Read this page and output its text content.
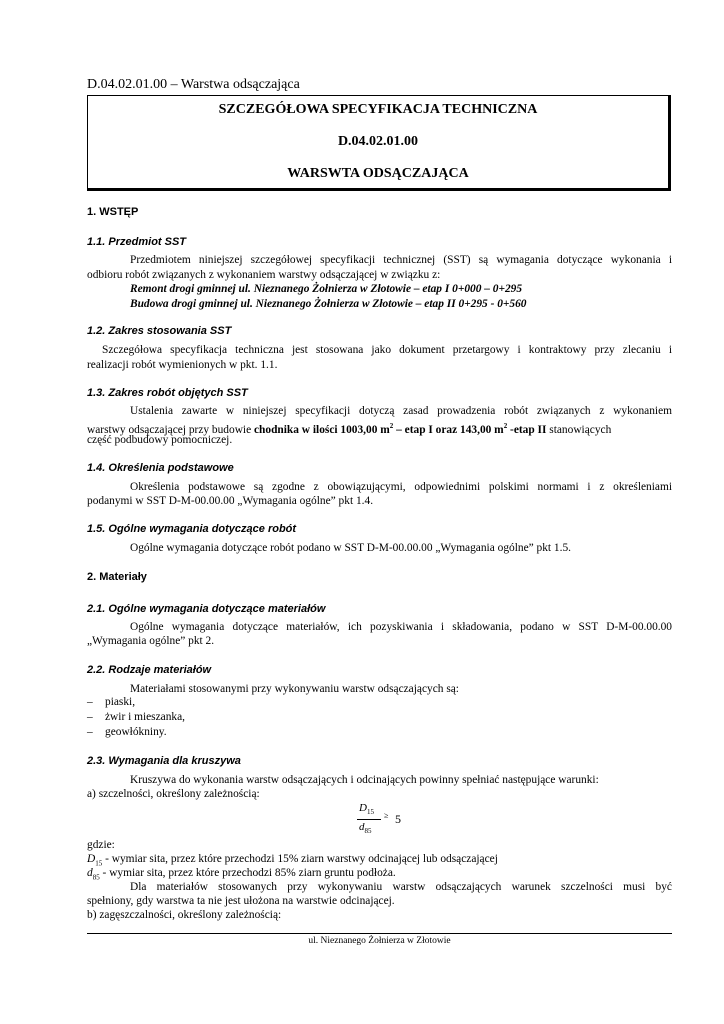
D.04.02.01.00 – Warstwa odsączająca
SZCZEGÓŁOWA SPECYFIKACJA TECHNICZNA
D.04.02.01.00
WARSWTA ODSĄCZAJĄCA
1. WSTĘP
1.1. Przedmiot SST
Przedmiotem niniejszej szczegółowej specyfikacji technicznej (SST) są wymagania dotyczące wykonania i
odbioru robót związanych z wykonaniem warstwy odsączającej w związku z:
Remont drogi gminnej ul. Nieznanego Żołnierza w Złotowie – etap I 0+000 – 0+295
Budowa drogi gminnej ul. Nieznanego Żołnierza w Złotowie – etap II 0+295 - 0+560
1.2. Zakres stosowania SST
Szczegółowa specyfikacja techniczna jest stosowana jako dokument przetargowy i kontraktowy przy zlecaniu i
realizacji robót wymienionych w pkt. 1.1.
1.3. Zakres robót objętych SST
Ustalenia zawarte w niniejszej specyfikacji dotyczą zasad prowadzenia robót związanych z wykonaniem
warstwy odsączającej przy budowie chodnika w ilości 1003,00 $m^2$ – etap I oraz 143,00 $m^2$ -etap II stanowiących
część podbudowy pomocniczej.
1.4. Określenia podstawowe
Określenia podstawowe są zgodne z obowiązującymi, odpowiednimi polskimi normami i z określeniami
podanymi w SST D-M-00.00.00 „Wymagania ogólne” pkt 1.4.
1.5. Ogólne wymagania dotyczące robót
Ogólne wymagania dotyczące robót podano w SST D-M-00.00.00 „Wymagania ogólne” pkt 1.5.
2. Materiały
2.1. Ogólne wymagania dotyczące materiałów
Ogólne wymagania dotyczące materiałów, ich pozyskiwania i składowania, podano w SST D-M-00.00.00
„Wymagania ogólne” pkt 2.
2.2. Rodzaje materiałów
Materiałami stosowanymi przy wykonywaniu warstw odsączających są:
– piaski,
– żwir i mieszanka,
– geowłókniny.
2.3. Wymagania dla kruszywa
Kruszywa do wykonania warstw odsączających i odcinających powinny spełniać następujące warunki:
a) szczelności, określony zależnością:
$D_{15}$
$d_{85}$
≥ 5
gdzie:
$D_{15}$ - wymiar sita, przez które przechodzi 15% ziarn warstwy odcinającej lub odsączającej
$d_{85}$ - wymiar sita, przez które przechodzi 85% ziarn gruntu podłoża.
Dla materiałów stosowanych przy wykonywaniu warstw odsączających warunek szczelności musi być
spełniony, gdy warstwa ta nie jest ułożona na warstwie odcinającej.
b) zagęszczalności, określony zależnością:
ul. Nieznanego Żołnierza w Złotowie
